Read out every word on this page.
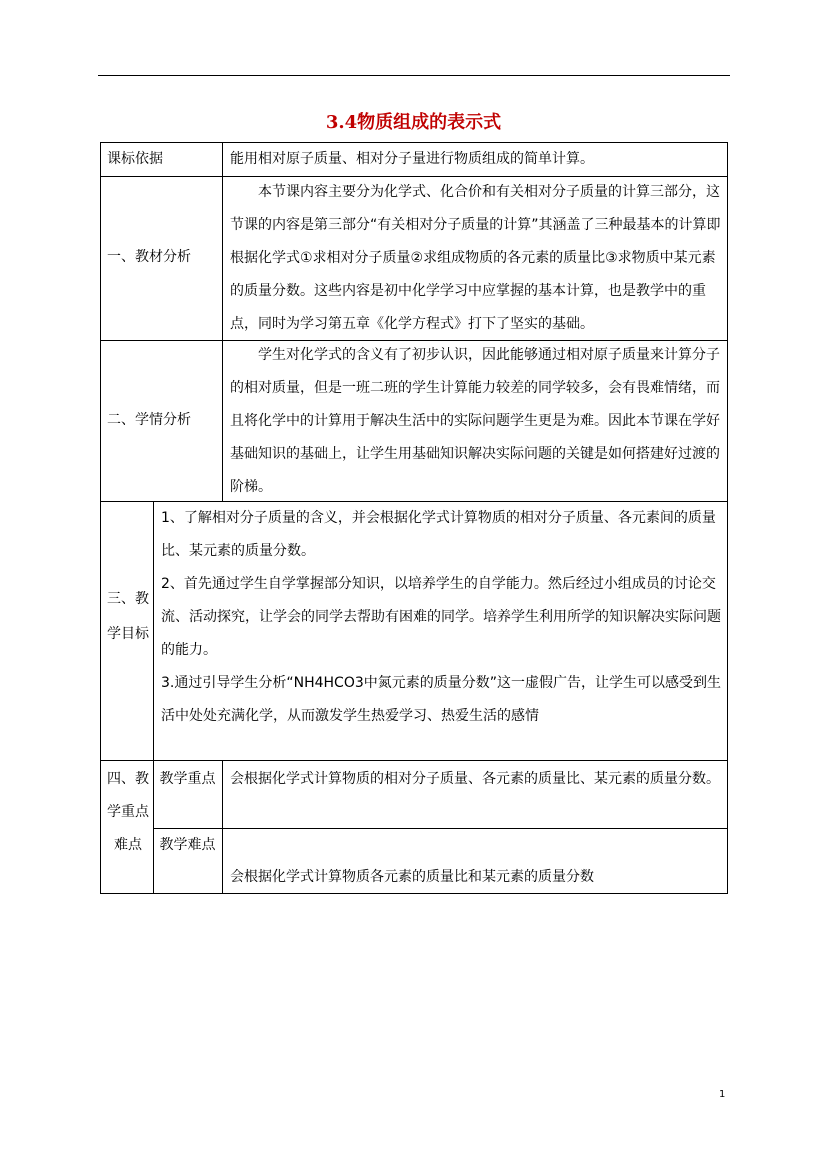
3.4物质组成的表示式
课标依据	能用相对原子质量、相对分子量进行物质组成的简单计算。
一、教材分析

本节课内容主要分为化学式、化合价和有关相对分子质量的计算三部分，这节课的内容是第三部分“有关相对分子质量的计算”其涵盖了三种最基本的计算即根据化学式①求相对分子质量②求组成物质的各元素的质量比③求物质中某元素的质量分数。这些内容是初中化学学习中应掌握的基本计算，也是教学中的重点，同时为学习第五章《化学方程式》打下了坚实的基础。

二、学情分析

学生对化学式的含义有了初步认识，因此能够通过相对原子质量来计算分子的相对质量，但是一班二班的学生计算能力较差的同学较多，会有畏难情绪，而且将化学中的计算用于解决生活中的实际问题学生更是为难。因此本节课在学好基础知识的基础上，让学生用基础知识解决实际问题的关键是如何搭建好过渡的阶梯。

三、教学目标

1、了解相对分子质量的含义，并会根据化学式计算物质的相对分子质量、各元素间的质量比、某元素的质量分数。

2、首先通过学生自学掌握部分知识，以培养学生的自学能力。然后经过小组成员的讨论交流、活动探究，让学会的同学去帮助有困难的同学。培养学生利用所学的知识解决实际问题的能力。

3.通过引导学生分析“NH4HCO3中氮元素的质量分数”这一虚假广告，让学生可以感受到生活中处处充满化学，从而激发学生热爱学习、热爱生活的感情

四、教学重点难点
教学重点 会根据化学式计算物质的相对分子质量、各元素的质量比、某元素的质量分数。
教学难点
会根据化学式计算物质各元素的质量比和某元素的质量分数
1
